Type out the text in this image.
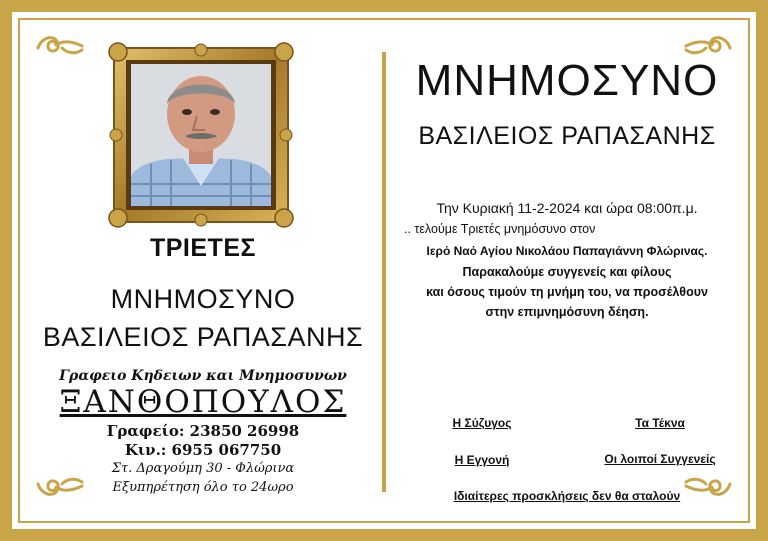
ΤΡΙΕΤΕΣ
ΜΝΗΜΟΣΥΝΟ
ΒΑΣΙΛΕΙΟΣ ΡΑΠΑΣΑΝΗΣ
Γραφειο Κηδειων και Μνημοσυνων
ΞΑΝΘΟΠΟΥΛΟΣ
Γραφείο: 23850 26998
Κιν.: 6955 067750
Στ. Δραγούμη 30 - Φλώρινα
Εξυπηρέτηση όλο το 24ωρο
ΜΝΗΜΟΣΥΝΟ
ΒΑΣΙΛΕΙΟΣ ΡΑΠΑΣΑΝΗΣ
Την Κυριακή 11-2-2024 και ώρα 08:00π.μ.
.. τελούμε Τριετές μνημόσυνο στον
Ιερό Ναό Αγίου Νικολάου Παπαγιάννη Φλώρινας.
Παρακαλούμε συγγενείς και φίλους
και όσους τιμούν τη μνήμη του, να προσέλθουν
στην επιμνημόσυνη δέηση.
Η Σύζυγος	Τα Τέκνα
Η Εγγονή	Οι λοιποί Συγγενείς
Ιδιαίτερες προσκλήσεις δεν θα σταλούν
